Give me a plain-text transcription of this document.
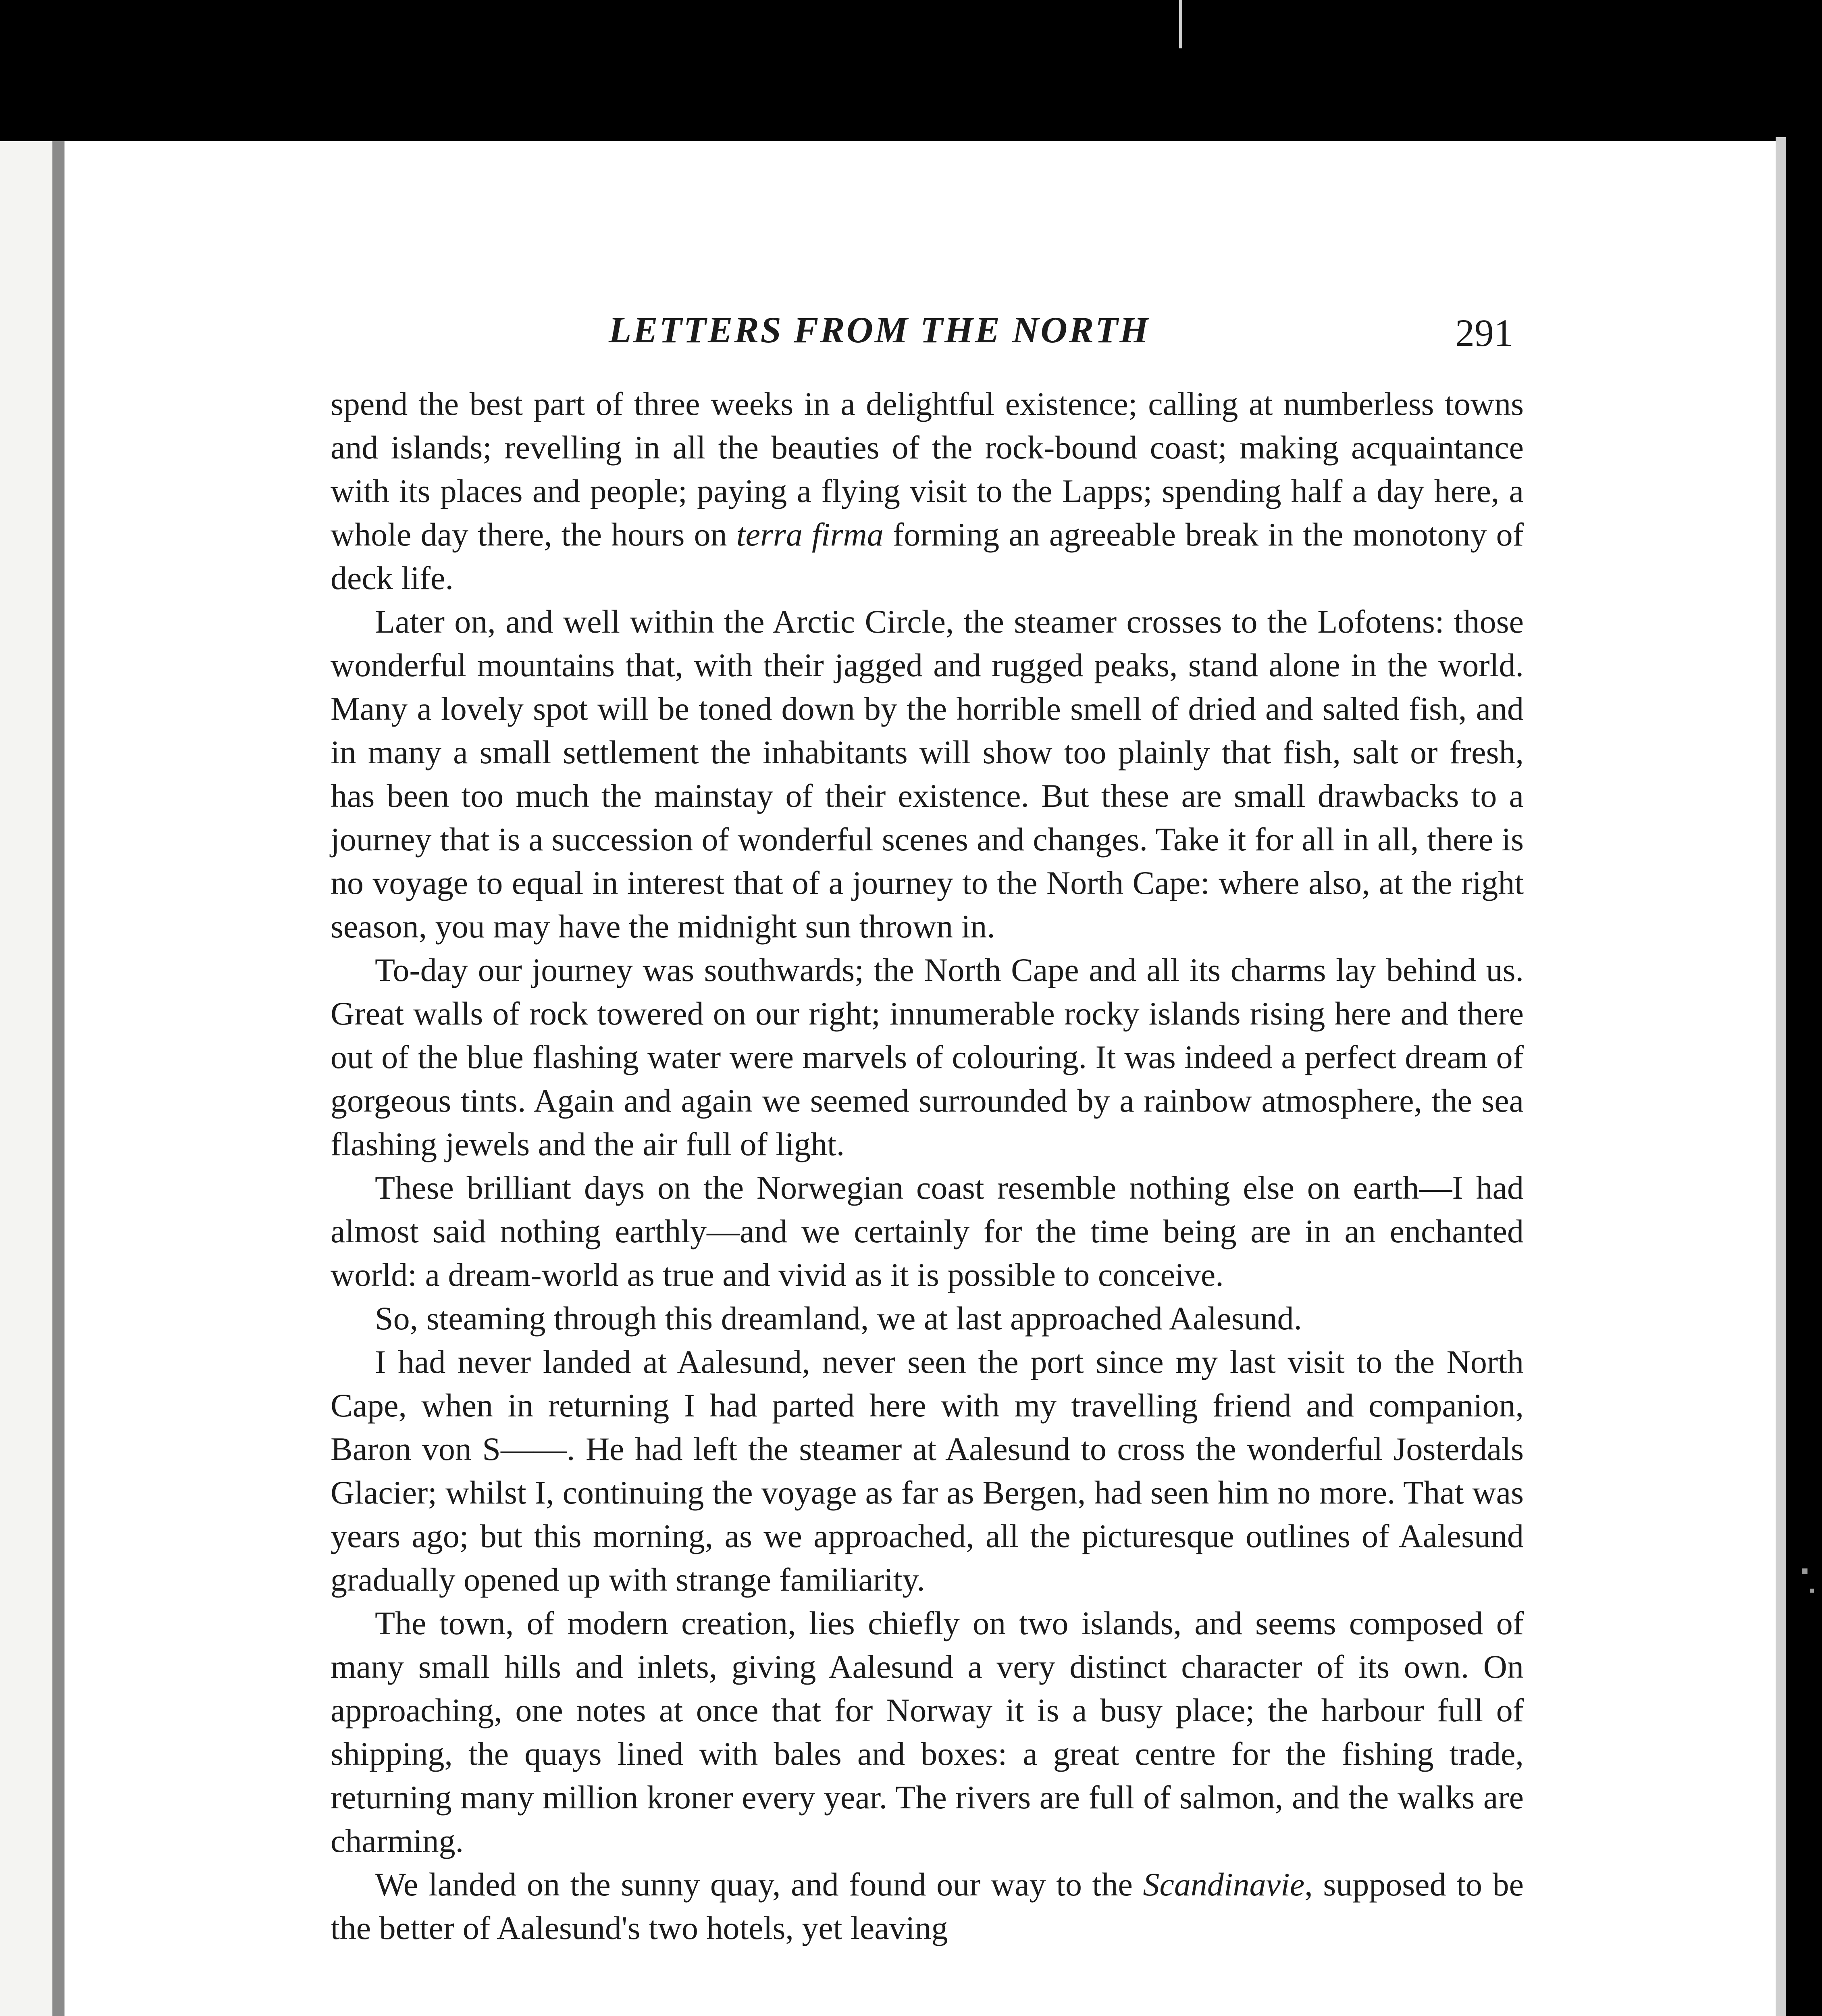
LETTERS FROM THE NORTH	291

spend the best part of three weeks in a delightful existence; calling at numberless towns and islands; revelling in all the beauties of the rock-bound coast; making acquaintance with its places and people; paying a flying visit to the Lapps; spending half a day here, a whole day there, the hours on terra firma forming an agreeable break in the monotony of deck life.

Later on, and well within the Arctic Circle, the steamer crosses to the Lofotens: those wonderful mountains that, with their jagged and rugged peaks, stand alone in the world. Many a lovely spot will be toned down by the horrible smell of dried and salted fish, and in many a small settlement the inhabitants will show too plainly that fish, salt or fresh, has been too much the mainstay of their existence. But these are small drawbacks to a journey that is a succession of wonderful scenes and changes. Take it for all in all, there is no voyage to equal in interest that of a journey to the North Cape: where also, at the right season, you may have the midnight sun thrown in.

To-day our journey was southwards; the North Cape and all its charms lay behind us. Great walls of rock towered on our right; innumerable rocky islands rising here and there out of the blue flashing water were marvels of colouring. It was indeed a perfect dream of gorgeous tints. Again and again we seemed surrounded by a rainbow atmosphere, the sea flashing jewels and the air full of light.

These brilliant days on the Norwegian coast resemble nothing else on earth—I had almost said nothing earthly—and we certainly for the time being are in an enchanted world: a dream-world as true and vivid as it is possible to conceive.

So, steaming through this dreamland, we at last approached Aalesund.

I had never landed at Aalesund, never seen the port since my last visit to the North Cape, when in returning I had parted here with my travelling friend and companion, Baron von S——. He had left the steamer at Aalesund to cross the wonderful Josterdals Glacier; whilst I, continuing the voyage as far as Bergen, had seen him no more. That was years ago; but this morning, as we approached, all the picturesque outlines of Aalesund gradually opened up with strange familiarity.

The town, of modern creation, lies chiefly on two islands, and seems composed of many small hills and inlets, giving Aalesund a very distinct character of its own. On approaching, one notes at once that for Norway it is a busy place; the harbour full of shipping, the quays lined with bales and boxes: a great centre for the fishing trade, returning many million kroner every year. The rivers are full of salmon, and the walks are charming.

We landed on the sunny quay, and found our way to the Scandinavie, supposed to be the better of Aalesund's two hotels, yet leaving
